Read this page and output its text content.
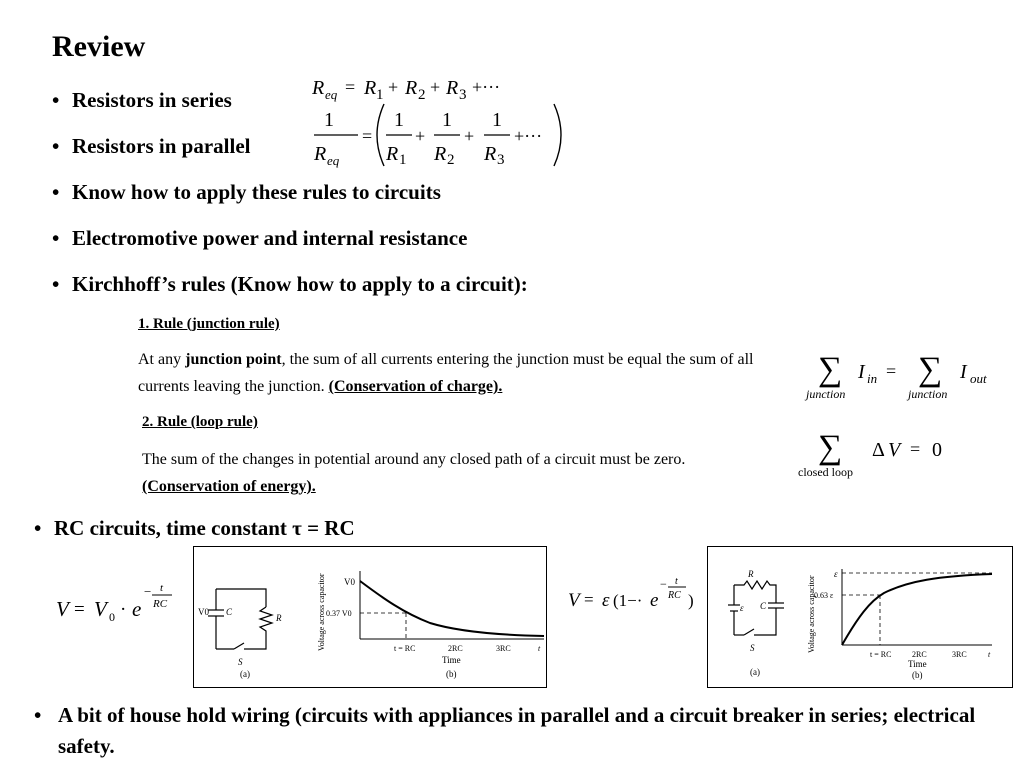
Review
• Resistors in series
• Resistors in parallel
• Know how to apply these rules to circuits
• Electromotive power and internal resistance
• Kirchhoff’s rules (Know how to apply to a circuit):
R eq = R 1 + R 2 + R 3 +···
1
R eq
=
1
R 1
+
1
R 2
+
1
R 3
+···
1. Rule (junction rule)
At any junction point, the sum of all currents entering the junction must be equal the sum of all currents leaving the junction. (Conservation of charge).	∑ I in = ∑ I out
junction	junction
2. Rule (loop rule)
The sum of the changes in potential around any closed path of a circuit must be zero. (Conservation of energy).
∑ Δ V = 0
closed loop
• RC circuits, time constant τ = RC
V = V 0 · e
− t
RC
V0 C
R
S
(a)
V0
0.37 V0
t = RC	2RC	3RC	t
Time
(b)
Voltage across capacitor	V = ε (1−· e
− t
RC )
R
ε C
S
(a)
ε
0.63 ε
t = RC	2RC	3RC	t
Time
(b)
Voltage across capacitor
• A bit of house hold wiring (circuits with appliances in parallel and a circuit breaker in series; electrical safety.
